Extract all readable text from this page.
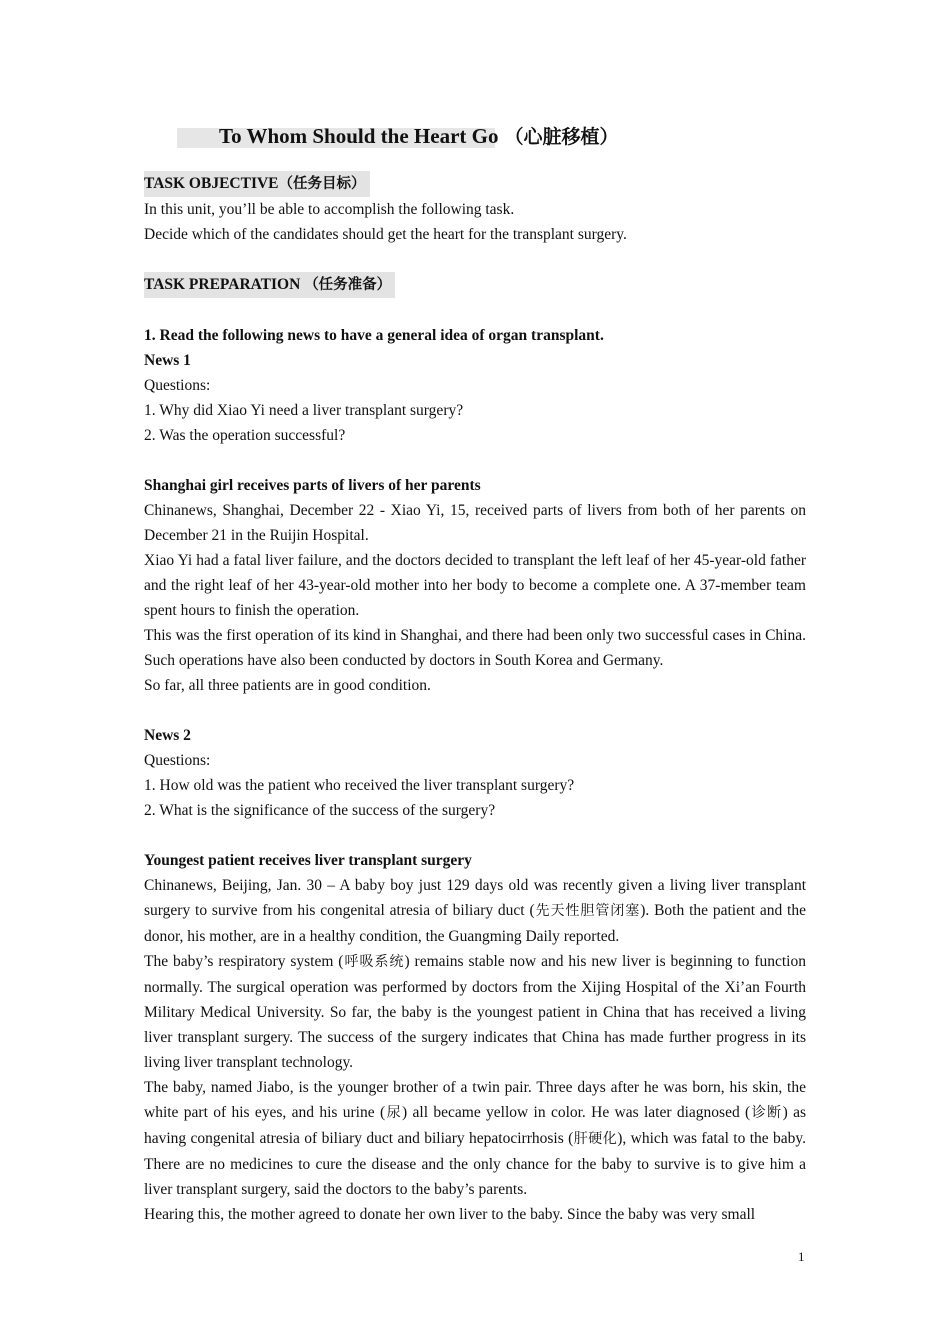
To Whom Should the Heart Go （心脏移植）

TASK OBJECTIVE（任务目标）

In this unit, you’ll be able to accomplish the following task.

Decide which of the candidates should get the heart for the transplant surgery.

TASK PREPARATION （任务准备）

1. Read the following news to have a general idea of organ transplant.

News 1

Questions:

1. Why did Xiao Yi need a liver transplant surgery?

2. Was the operation successful?

Shanghai girl receives parts of livers of her parents

Chinanews, Shanghai, December 22 - Xiao Yi, 15, received parts of livers from both of her parents on December 21 in the Ruijin Hospital.

Xiao Yi had a fatal liver failure, and the doctors decided to transplant the left leaf of her 45-year-old father and the right leaf of her 43-year-old mother into her body to become a complete one. A 37-member team spent hours to finish the operation.

This was the first operation of its kind in Shanghai, and there had been only two successful cases in China. Such operations have also been conducted by doctors in South Korea and Germany.

So far, all three patients are in good condition.

News 2

Questions:

1. How old was the patient who received the liver transplant surgery?

2. What is the significance of the success of the surgery?

Youngest patient receives liver transplant surgery

Chinanews, Beijing, Jan. 30 – A baby boy just 129 days old was recently given a living liver transplant surgery to survive from his congenital atresia of biliary duct (先天性胆管闭塞). Both the patient and the donor, his mother, are in a healthy condition, the Guangming Daily reported.

The baby’s respiratory system (呼吸系统) remains stable now and his new liver is beginning to function normally. The surgical operation was performed by doctors from the Xijing Hospital of the Xi’an Fourth Military Medical University. So far, the baby is the youngest patient in China that has received a living liver transplant surgery. The success of the surgery indicates that China has made further progress in its living liver transplant technology.

The baby, named Jiabo, is the younger brother of a twin pair. Three days after he was born, his skin, the white part of his eyes, and his urine (尿) all became yellow in color. He was later diagnosed (诊断) as having congenital atresia of biliary duct and biliary hepatocirrhosis (肝硬化), which was fatal to the baby. There are no medicines to cure the disease and the only chance for the baby to survive is to give him a liver transplant surgery, said the doctors to the baby’s parents.

Hearing this, the mother agreed to donate her own liver to the baby. Since the baby was very small

1
